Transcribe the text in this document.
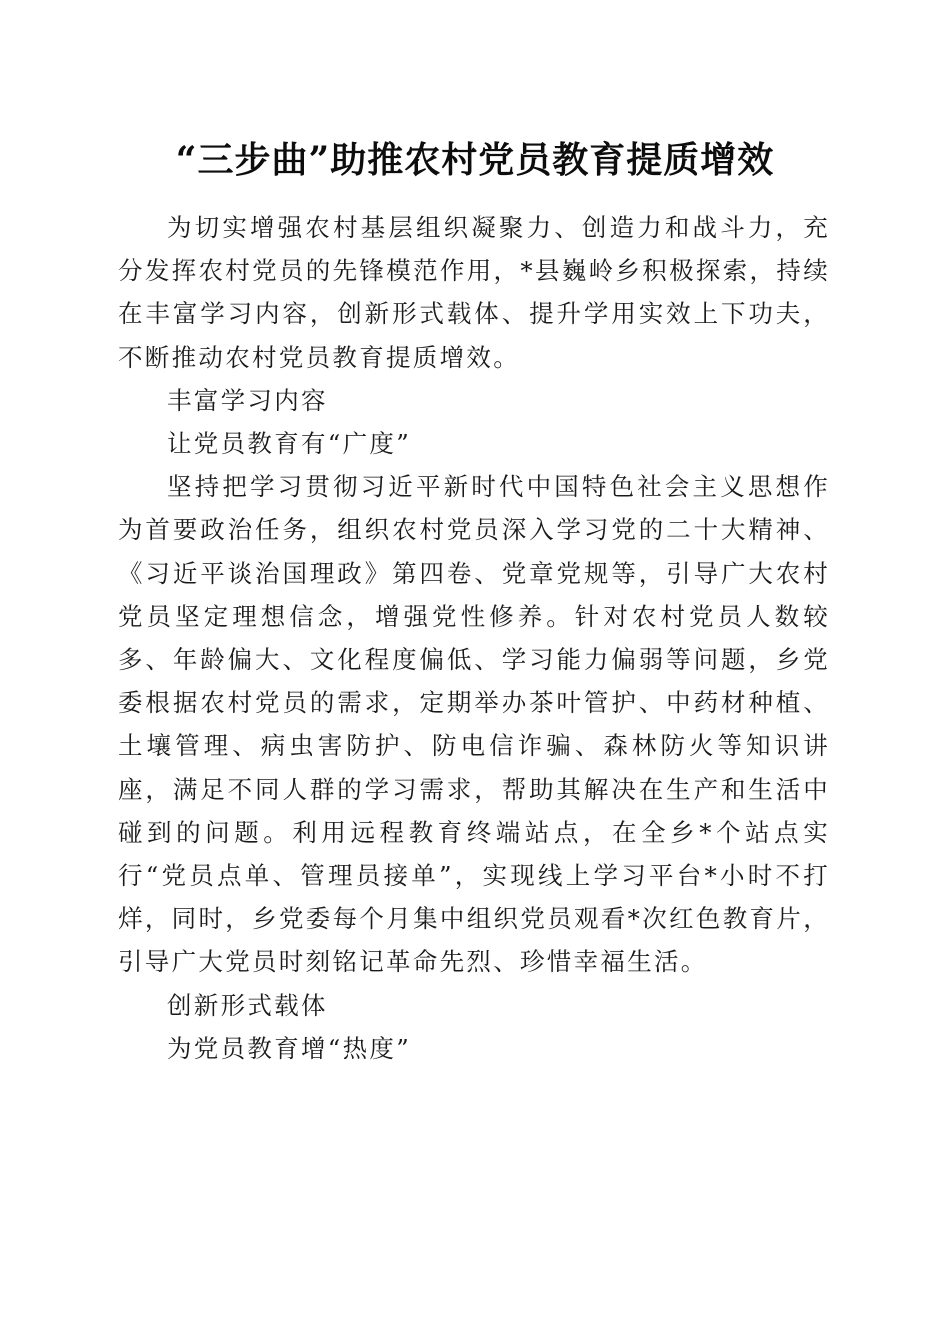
“三步曲”助推农村党员教育提质增效

为切实增强农村基层组织凝聚力、创造力和战斗力，充分发挥农村党员的先锋模范作用，*县巍岭乡积极探索，持续在丰富学习内容，创新形式载体、提升学用实效上下功夫，不断推动农村党员教育提质增效。

丰富学习内容

让党员教育有“广度”

坚持把学习贯彻习近平新时代中国特色社会主义思想作为首要政治任务，组织农村党员深入学习党的二十大精神、《习近平谈治国理政》第四卷、党章党规等，引导广大农村党员坚定理想信念，增强党性修养。针对农村党员人数较多、年龄偏大、文化程度偏低、学习能力偏弱等问题，乡党委根据农村党员的需求，定期举办茶叶管护、中药材种植、土壤管理、病虫害防护、防电信诈骗、森林防火等知识讲座，满足不同人群的学习需求，帮助其解决在生产和生活中碰到的问题。利用远程教育终端站点，在全乡*个站点实行“党员点单、管理员接单”，实现线上学习平台*小时不打烊，同时，乡党委每个月集中组织党员观看*次红色教育片，引导广大党员时刻铭记革命先烈、珍惜幸福生活。

创新形式载体

为党员教育增“热度”
